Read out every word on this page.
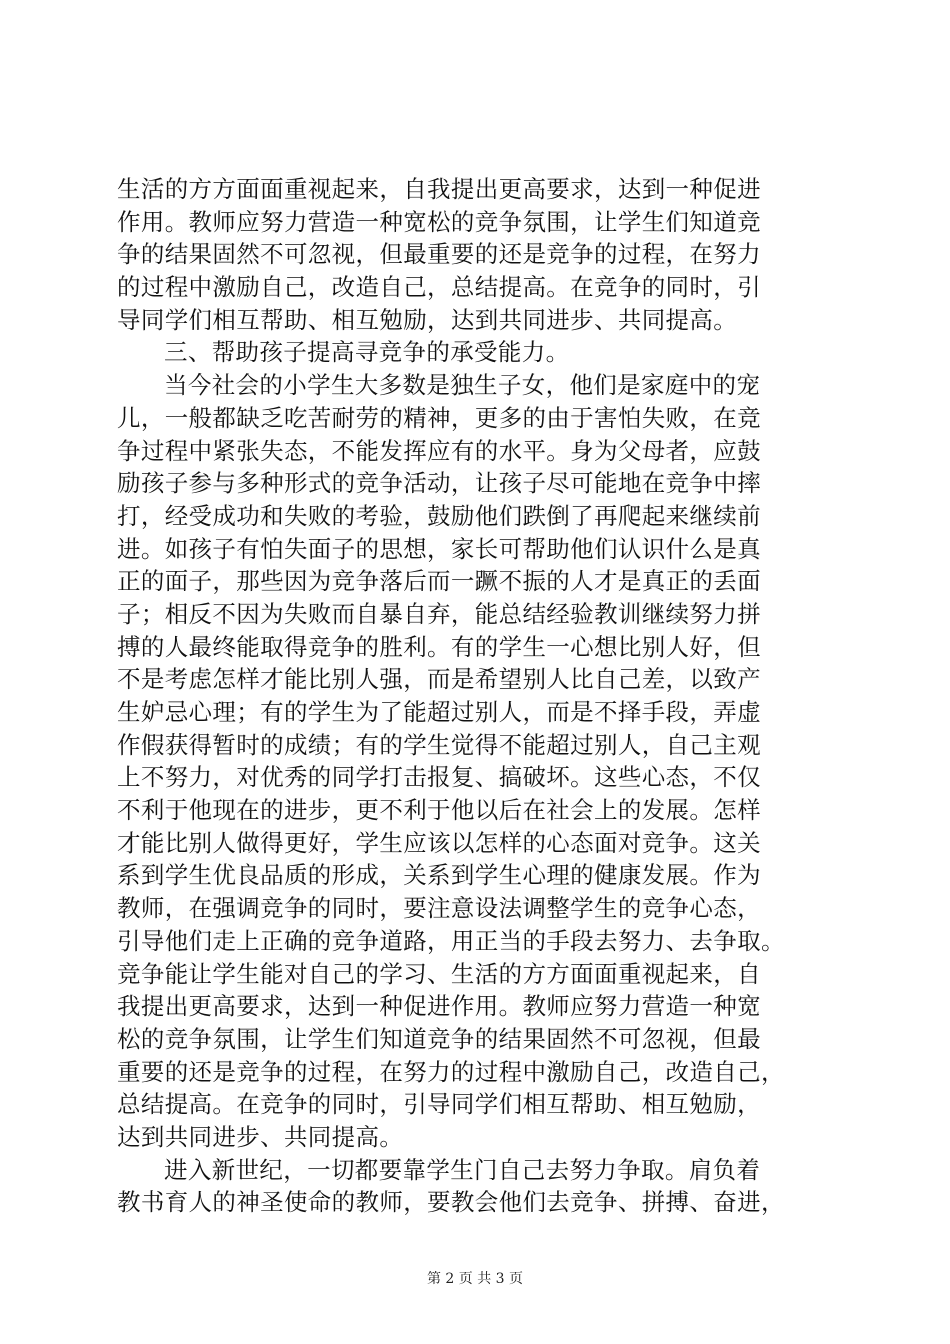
生活的方方面面重视起来，自我提出更高要求，达到一种促进
作用。教师应努力营造一种宽松的竞争氛围，让学生们知道竞
争的结果固然不可忽视，但最重要的还是竞争的过程，在努力
的过程中激励自己，改造自己，总结提高。在竞争的同时，引
导同学们相互帮助、相互勉励，达到共同进步、共同提高。
三、帮助孩子提高寻竞争的承受能力。
当今社会的小学生大多数是独生子女，他们是家庭中的宠
儿，一般都缺乏吃苦耐劳的精神，更多的由于害怕失败，在竞
争过程中紧张失态，不能发挥应有的水平。身为父母者，应鼓
励孩子参与多种形式的竞争活动，让孩子尽可能地在竞争中摔
打，经受成功和失败的考验，鼓励他们跌倒了再爬起来继续前
进。如孩子有怕失面子的思想，家长可帮助他们认识什么是真
正的面子，那些因为竞争落后而一蹶不振的人才是真正的丢面
子；相反不因为失败而自暴自弃，能总结经验教训继续努力拼
搏的人最终能取得竞争的胜利。有的学生一心想比别人好，但
不是考虑怎样才能比别人强，而是希望别人比自己差，以致产
生妒忌心理；有的学生为了能超过别人，而是不择手段，弄虚
作假获得暂时的成绩；有的学生觉得不能超过别人，自己主观
上不努力，对优秀的同学打击报复、搞破坏。这些心态，不仅
不利于他现在的进步，更不利于他以后在社会上的发展。怎样
才能比别人做得更好，学生应该以怎样的心态面对竞争。这关
系到学生优良品质的形成，关系到学生心理的健康发展。作为
教师，在强调竞争的同时，要注意设法调整学生的竞争心态，
引导他们走上正确的竞争道路，用正当的手段去努力、去争取。
竞争能让学生能对自己的学习、生活的方方面面重视起来，自
我提出更高要求，达到一种促进作用。教师应努力营造一种宽
松的竞争氛围，让学生们知道竞争的结果固然不可忽视，但最
重要的还是竞争的过程，在努力的过程中激励自己，改造自己，
总结提高。在竞争的同时，引导同学们相互帮助、相互勉励，
达到共同进步、共同提高。
进入新世纪，一切都要靠学生门自己去努力争取。肩负着
教书育人的神圣使命的教师，要教会他们去竞争、拼搏、奋进，
第 2 页 共 3 页
